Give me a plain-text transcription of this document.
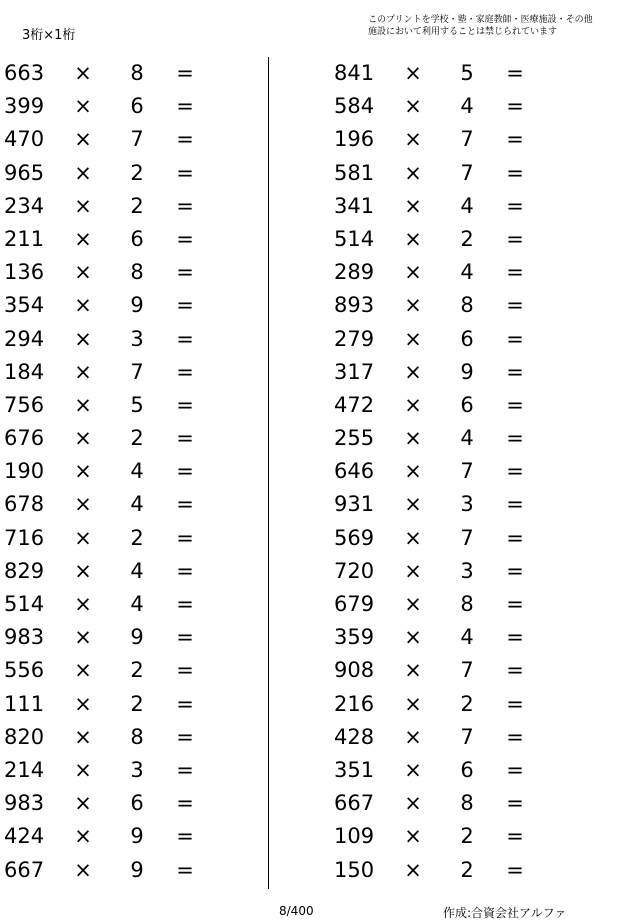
3桁×1桁
このプリントを学校・塾・家庭教師・医療施設・その他
施設において利用することは禁じられています
663	× 8 =
399	× 6 =
470	× 7 =
965	× 2 =
234	× 2 =
211	× 6 =
136	× 8 =
354	× 9 =
294	× 3 =
184	× 7 =
756	× 5 =
676	× 2 =
190	× 4 =
678	× 4 =
716	× 2 =
829	× 4 =
514	× 4 =
983	× 9 =
556	× 2 =
111	× 2 =
820	× 8 =
214	× 3 =
983	× 6 =
424	× 9 =
667	× 9 =
841	× 5 =
584	× 4 =
196	× 7 =
581	× 7 =
341	× 4 =
514	× 2 =
289	× 4 =
893	× 8 =
279	× 6 =
317	× 9 =
472	× 6 =
255	× 4 =
646	× 7 =
931	× 3 =
569	× 7 =
720	× 3 =
679	× 8 =
359	× 4 =
908	× 7 =
216	× 2 =
428	× 7 =
351	× 6 =
667	× 8 =
109	× 2 =
150	× 2 =
8/400	作成:合資会社アルファ
